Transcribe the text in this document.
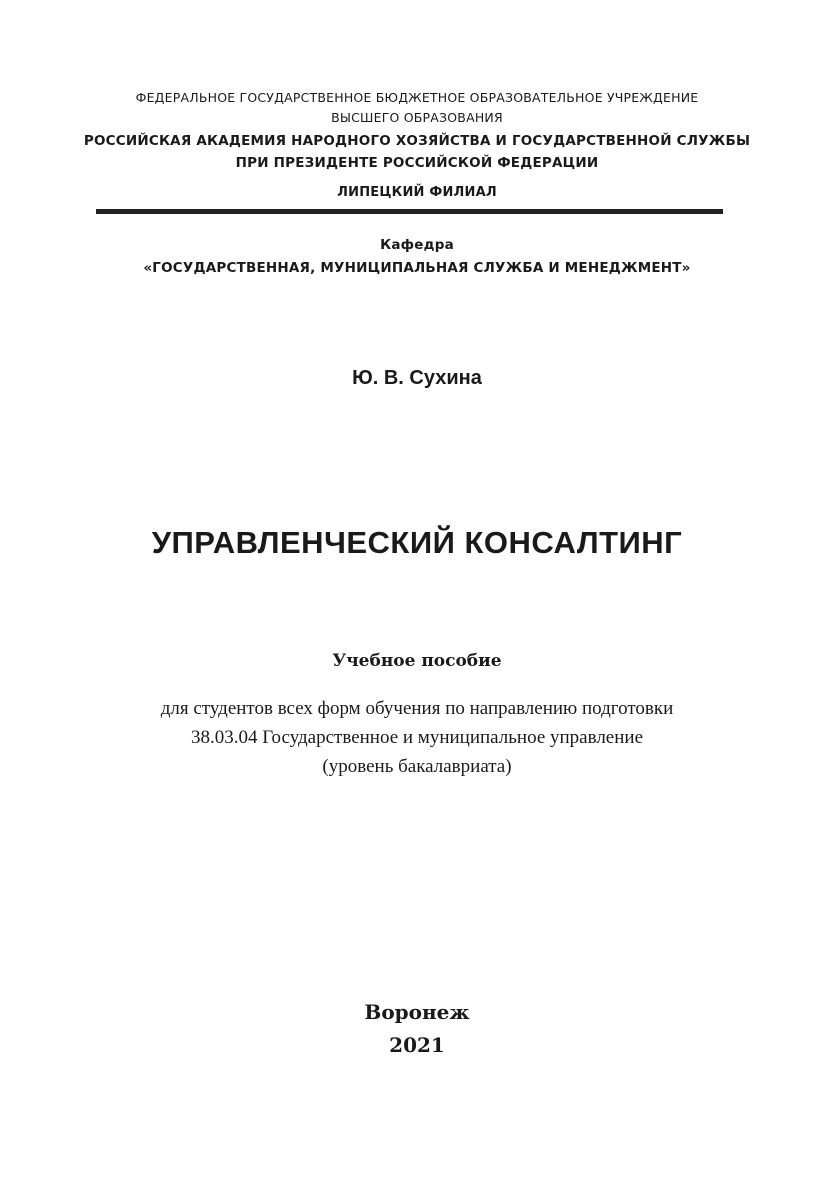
ФЕДЕРАЛЬНОЕ ГОСУДАРСТВЕННОЕ БЮДЖЕТНОЕ ОБРАЗОВАТЕЛЬНОЕ УЧРЕЖДЕНИЕ
ВЫСШЕГО ОБРАЗОВАНИЯ
РОССИЙСКАЯ АКАДЕМИЯ НАРОДНОГО ХОЗЯЙСТВА И ГОСУДАРСТВЕННОЙ СЛУЖБЫ
ПРИ ПРЕЗИДЕНТЕ РОССИЙСКОЙ ФЕДЕРАЦИИ
ЛИПЕЦКИЙ ФИЛИАЛ
Кафедра
«ГОСУДАРСТВЕННАЯ, МУНИЦИПАЛЬНАЯ СЛУЖБА И МЕНЕДЖМЕНТ»
Ю. В. Сухина
УПРАВЛЕНЧЕСКИЙ КОНСАЛТИНГ
Учебное пособие
для студентов всех форм обучения по направлению подготовки
38.03.04 Государственное и муниципальное управление
(уровень бакалавриата)
Воронеж
2021
